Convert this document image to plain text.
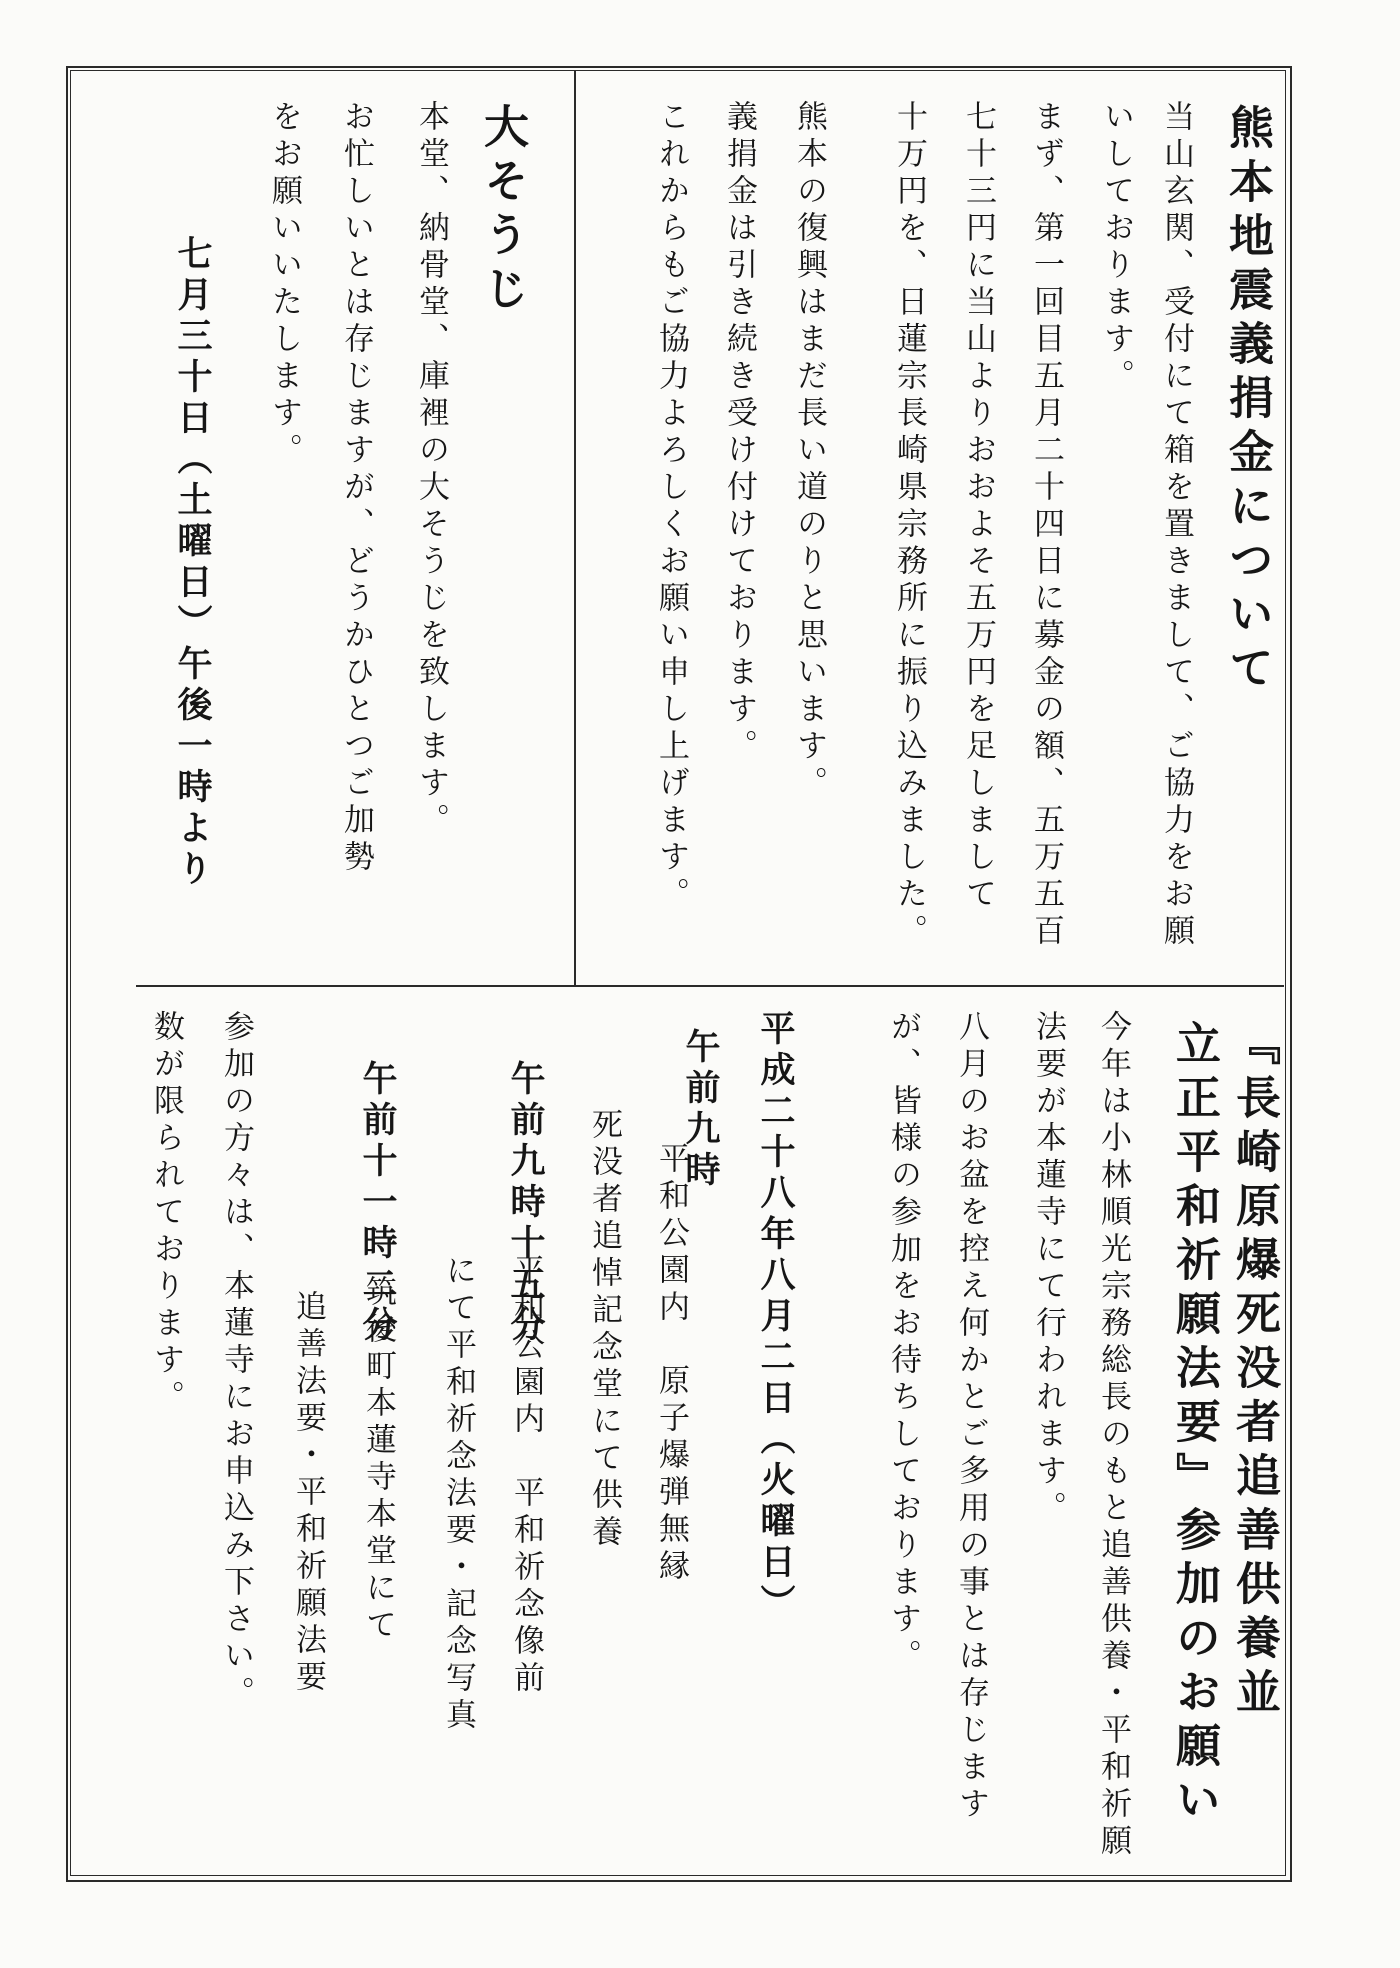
熊本地震義捐金について

当山玄関、受付にて箱を置きまして、ご協力をお願

いしております。

まず、第一回目五月二十四日に募金の額、五万五百

七十三円に当山よりおおよそ五万円を足しまして

十万円を、日蓮宗長崎県宗務所に振り込みました。

熊本の復興はまだ長い道のりと思います。

義捐金は引き続き受け付けております。

これからもご協力よろしくお願い申し上げます。

大そうじ

本堂、納骨堂、庫裡の大そうじを致します。

お忙しいとは存じますが、どうかひとつご加勢

をお願いいたします。

七月三十日（土曜日）午後一時より

『長崎原爆死没者追善供養並
立正平和祈願法要』参加のお願い

今年は小林順光宗務総長のもと追善供養・平和祈願

法要が本蓮寺にて行われます。

八月のお盆を控え何かとご多用の事とは存じます

が、皆様の参加をお待ちしております。

平成二十八年八月二日（火曜日）

午前九時

平和公園内　原子爆弾無縁

死没者追悼記念堂にて供養

午前九時十五分

平和公園内　平和祈念像前

にて平和祈念法要・記念写真

午前十一時二分

筑後町本蓮寺本堂にて

追善法要・平和祈願法要

参加の方々は、本蓮寺にお申込み下さい。

数が限られております。
